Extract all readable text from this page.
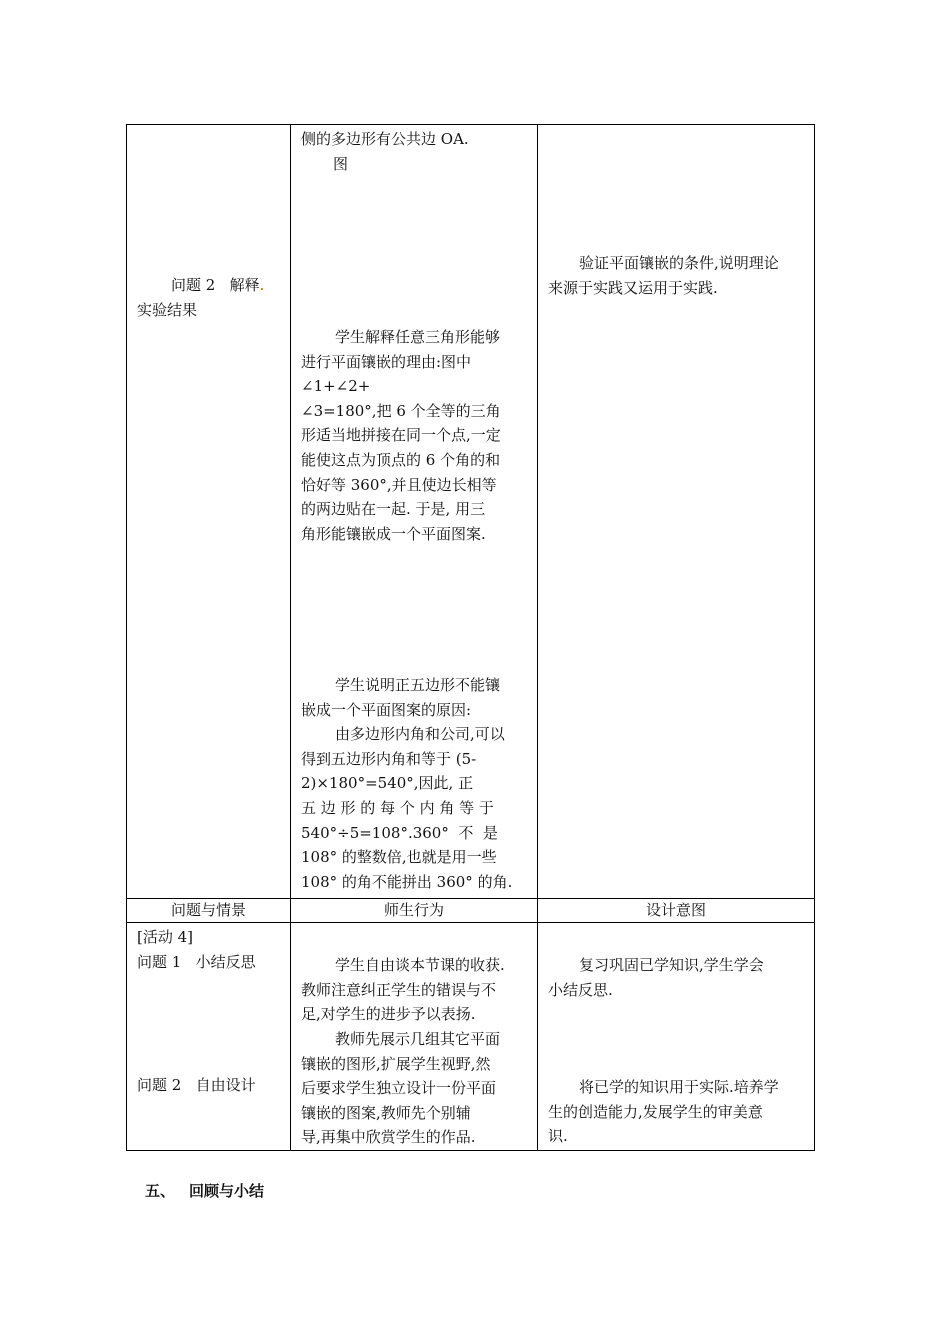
侧的多边形有公共边 OA.
图
问题 2   解释
实验结果
验证平面镶嵌的条件,说明理论
来源于实践又运用于实践.
学生解释任意三角形能够
进行平面镶嵌的理由:图中
∠1+∠2+
∠3=180°,把 6 个全等的三角
形适当地拼接在同一个点,一定
能使这点为顶点的 6 个角的和
恰好等 360°,并且使边长相等
的两边贴在一起. 于是, 用三
角形能镶嵌成一个平面图案.
学生说明正五边形不能镶
嵌成一个平面图案的原因:
由多边形内角和公司,可以
得到五边形内角和等于 (5-
2)×180°=540°,因此, 正
五 边 形 的 每 个 内 角 等 于
540°÷5=108°.360°  不  是
108° 的整数倍,也就是用一些
108° 的角不能拼出 360° 的角.
问题与情景	师生行为	设计意图
[活动 4]
问题 1   小结反思
问题 2   自由设计
学生自由谈本节课的收获.
教师注意纠正学生的错误与不
足,对学生的进步予以表扬.
教师先展示几组其它平面
镶嵌的图形,扩展学生视野,然
后要求学生独立设计一份平面
镶嵌的图案,教师先个别辅
导,再集中欣赏学生的作品.
复习巩固已学知识,学生学会
小结反思.
将已学的知识用于实际.培养学
生的创造能力,发展学生的审美意
识.
五、 回顾与小结
